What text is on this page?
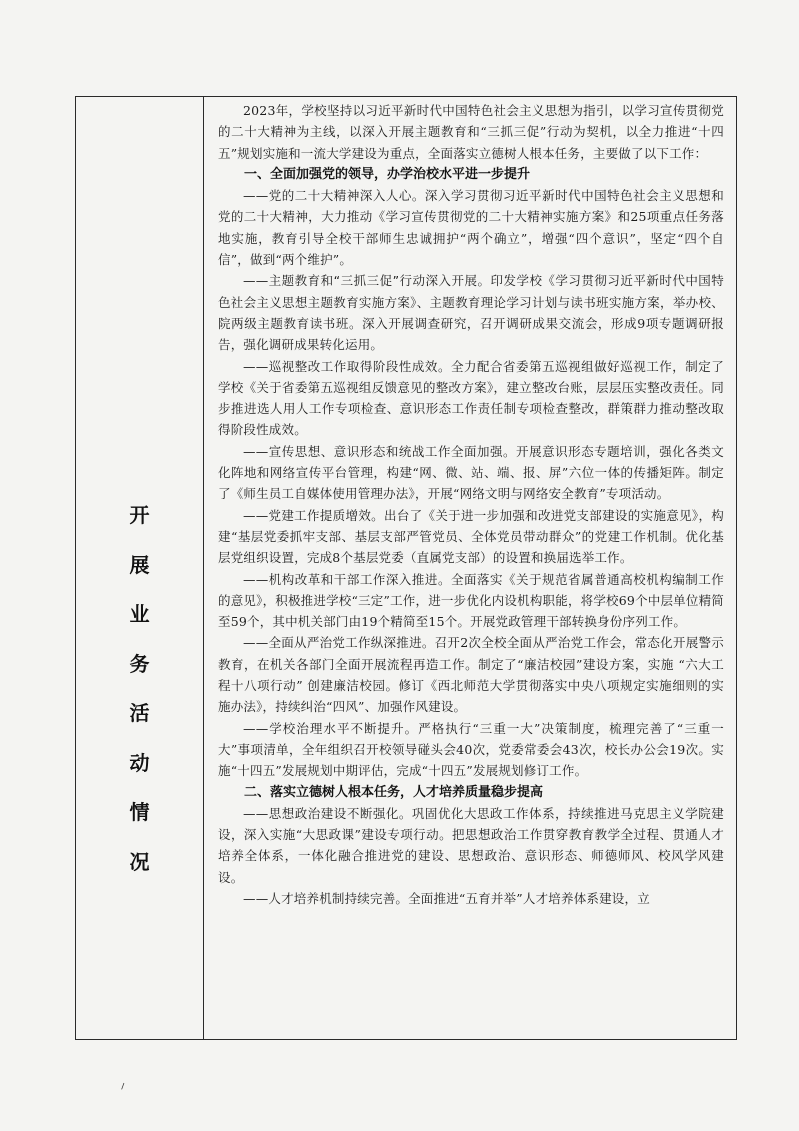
开
展
业
务
活
动
情
况

2023年，学校坚持以习近平新时代中国特色社会主义思想为指引，以学习宣传贯彻党的二十大精神为主线，以深入开展主题教育和“三抓三促”行动为契机，以全力推进“十四五”规划实施和一流大学建设为重点，全面落实立德树人根本任务，主要做了以下工作：

一、全面加强党的领导，办学治校水平进一步提升

——党的二十大精神深入人心。深入学习贯彻习近平新时代中国特色社会主义思想和党的二十大精神，大力推动《学习宣传贯彻党的二十大精神实施方案》和25项重点任务落地实施，教育引导全校干部师生忠诚拥护“两个确立”，增强“四个意识”，坚定“四个自信”，做到“两个维护”。

——主题教育和“三抓三促”行动深入开展。印发学校《学习贯彻习近平新时代中国特色社会主义思想主题教育实施方案》、主题教育理论学习计划与读书班实施方案，举办校、院两级主题教育读书班。深入开展调查研究，召开调研成果交流会，形成9项专题调研报告，强化调研成果转化运用。

——巡视整改工作取得阶段性成效。全力配合省委第五巡视组做好巡视工作，制定了学校《关于省委第五巡视组反馈意见的整改方案》，建立整改台账，层层压实整改责任。同步推进选人用人工作专项检查、意识形态工作责任制专项检查整改，群策群力推动整改取得阶段性成效。

——宣传思想、意识形态和统战工作全面加强。开展意识形态专题培训，强化各类文化阵地和网络宣传平台管理，构建“网、微、站、端、报、屏”六位一体的传播矩阵。制定了《师生员工自媒体使用管理办法》，开展“网络文明与网络安全教育”专项活动。

——党建工作提质增效。出台了《关于进一步加强和改进党支部建设的实施意见》，构建“基层党委抓牢支部、基层支部严管党员、全体党员带动群众”的党建工作机制。优化基层党组织设置，完成8个基层党委（直属党支部）的设置和换届选举工作。

——机构改革和干部工作深入推进。全面落实《关于规范省属普通高校机构编制工作的意见》，积极推进学校“三定”工作，进一步优化内设机构职能，将学校69个中层单位精简至59个，其中机关部门由19个精简至15个。开展党政管理干部转换身份序列工作。

——全面从严治党工作纵深推进。召开2次全校全面从严治党工作会，常态化开展警示教育，在机关各部门全面开展流程再造工作。制定了“廉洁校园”建设方案，实施 “六大工程十八项行动” 创建廉洁校园。修订《西北师范大学贯彻落实中央八项规定实施细则的实施办法》，持续纠治“四风”、加强作风建设。

——学校治理水平不断提升。严格执行“三重一大”决策制度，梳理完善了“三重一大”事项清单，全年组织召开校领导碰头会40次，党委常委会43次，校长办公会19次。实施“十四五”发展规划中期评估，完成“十四五”发展规划修订工作。

二、落实立德树人根本任务，人才培养质量稳步提高

——思想政治建设不断强化。巩固优化大思政工作体系，持续推进马克思主义学院建设，深入实施“大思政课”建设专项行动。把思想政治工作贯穿教育教学全过程、贯通人才培养全体系，一体化融合推进党的建设、思想政治、意识形态、师德师风、校风学风建设。

——人才培养机制持续完善。全面推进“五育并举”人才培养体系建设，立

⸝
